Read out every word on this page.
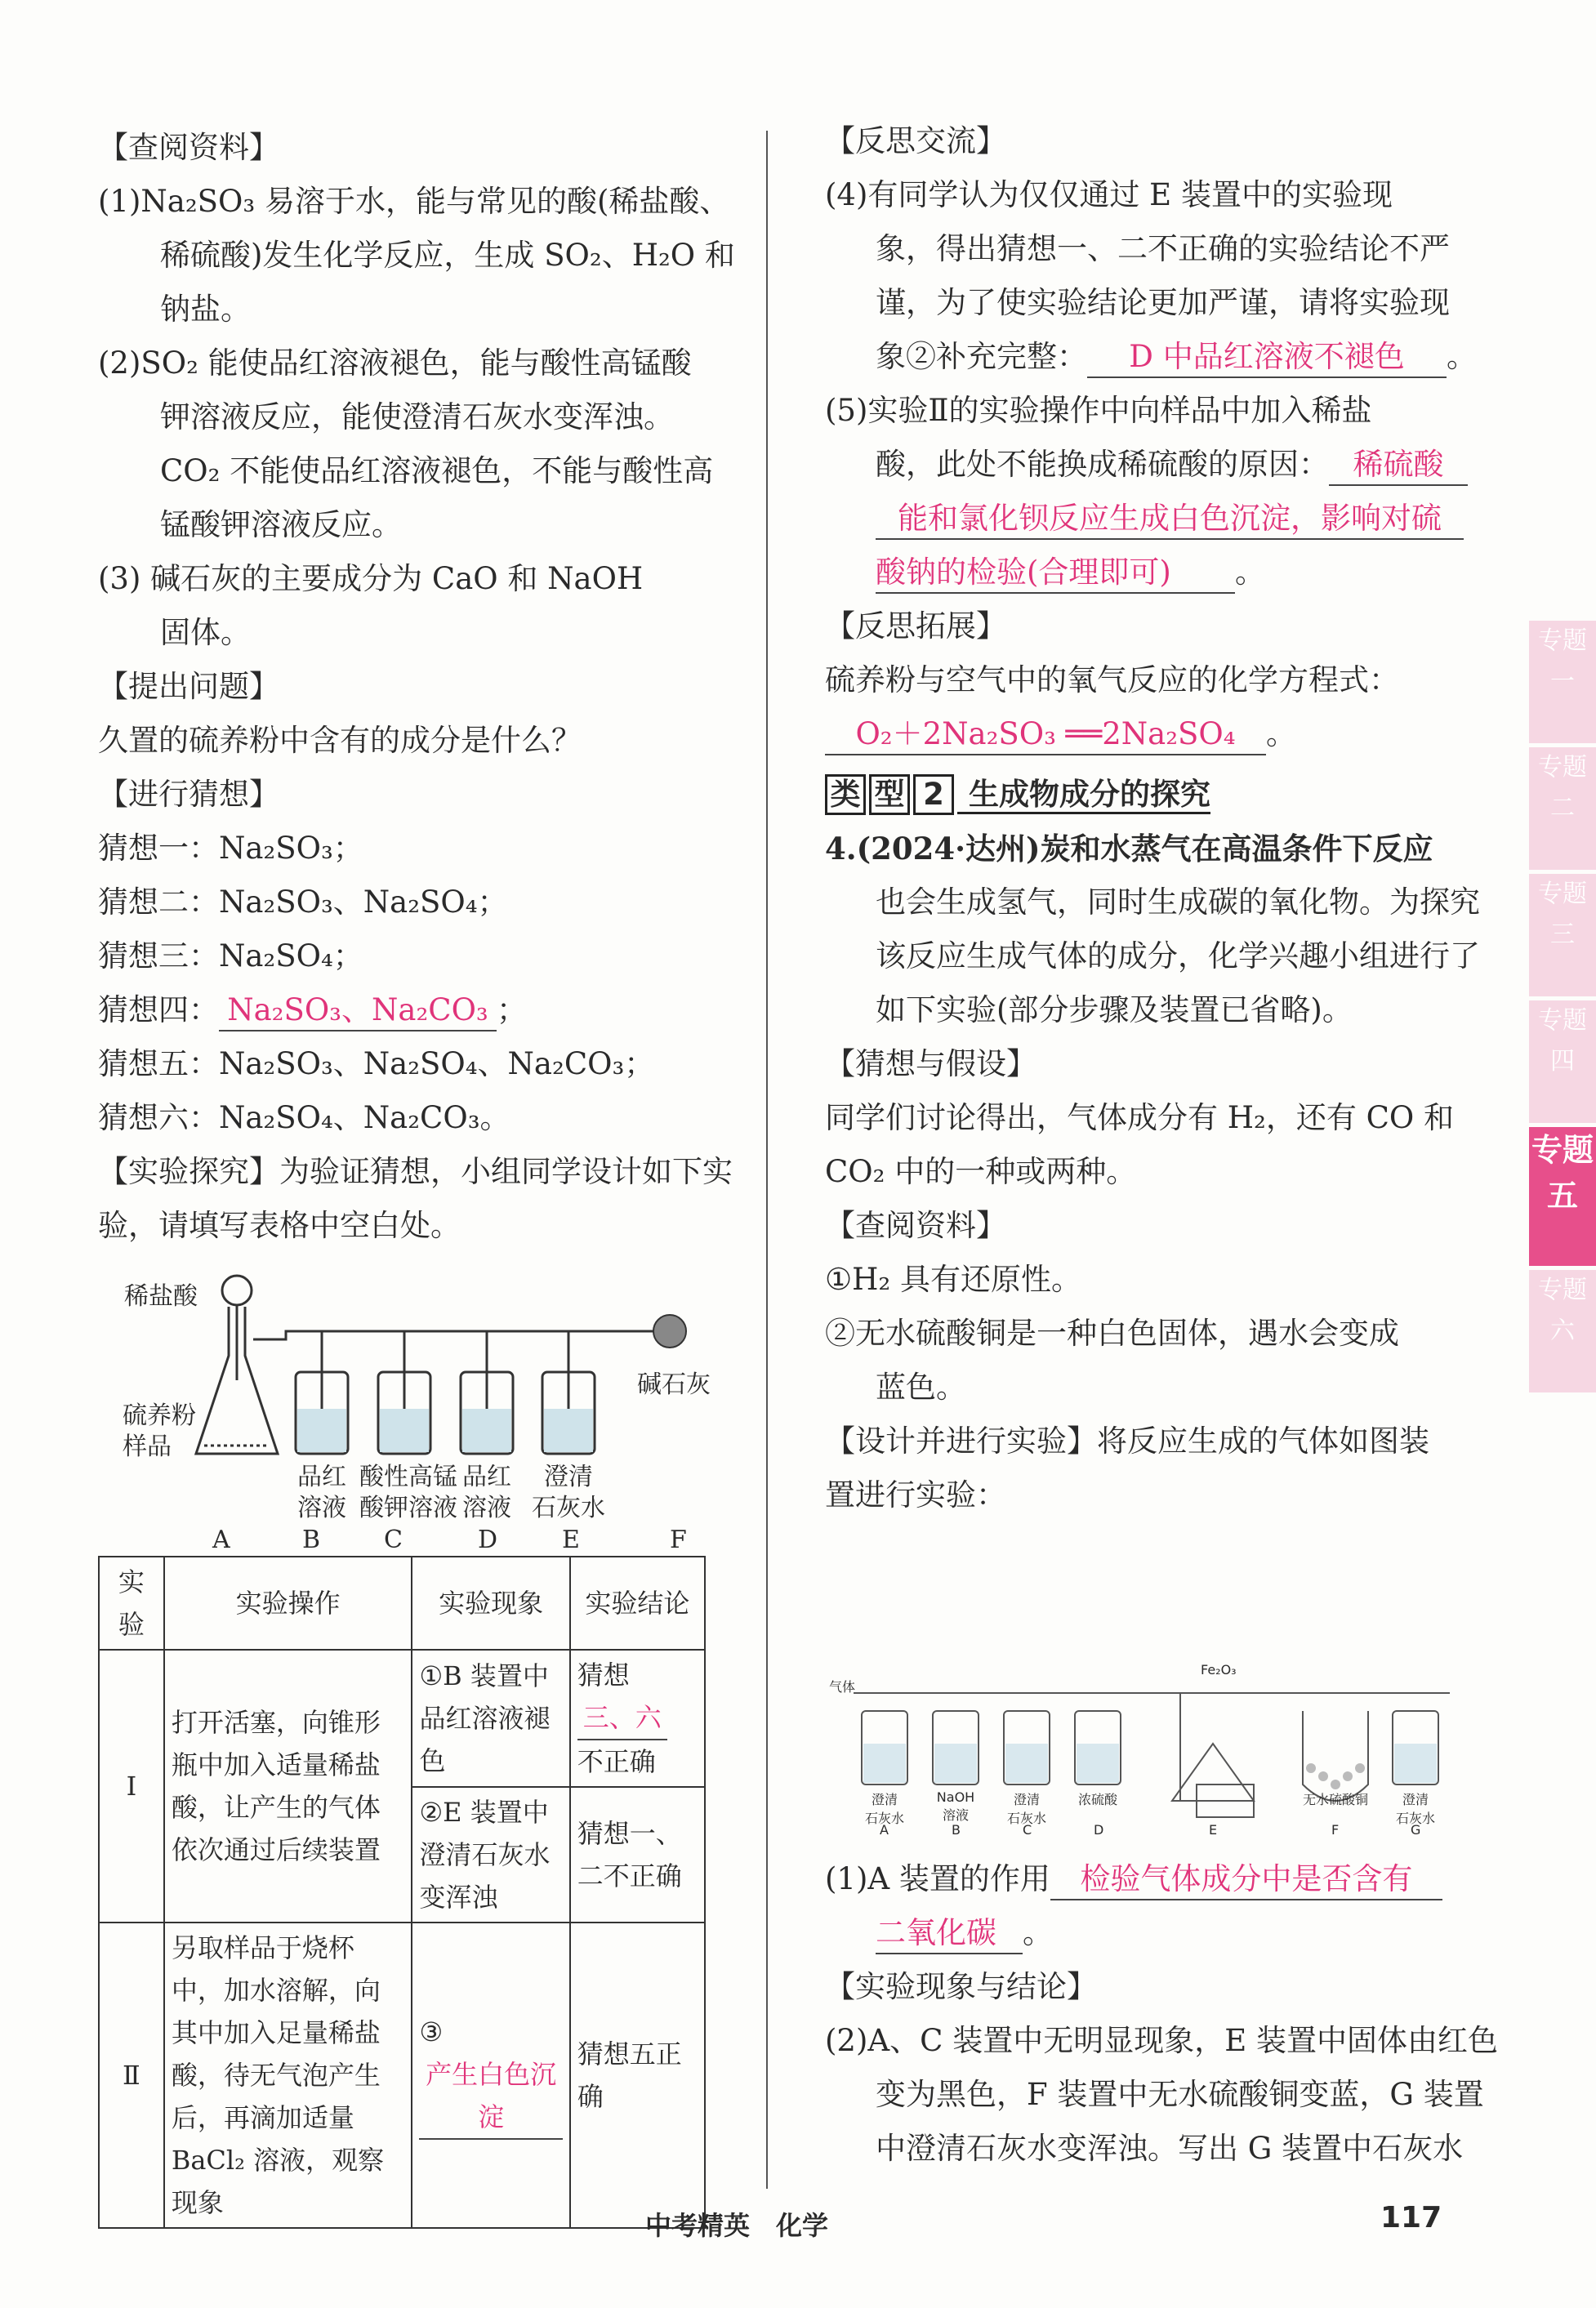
【查阅资料】
(1)Na₂SO₃ 易溶于水，能与常见的酸(稀盐酸、
稀硫酸)发生化学反应，生成 SO₂、H₂O 和
钠盐。
(2)SO₂ 能使品红溶液褪色，能与酸性高锰酸
钾溶液反应，能使澄清石灰水变浑浊。
CO₂ 不能使品红溶液褪色，不能与酸性高
锰酸钾溶液反应。
(3) 碱石灰的主要成分为 CaO 和 NaOH
固体。
【提出问题】
久置的硫养粉中含有的成分是什么？
【进行猜想】
猜想一：Na₂SO₃；
猜想二：Na₂SO₃、Na₂SO₄；
猜想三：Na₂SO₄；
猜想四： Na₂SO₃、Na₂CO₃ ；
猜想五：Na₂SO₃、Na₂SO₄、Na₂CO₃；
猜想六：Na₂SO₄、Na₂CO₃。
【实验探究】为验证猜想，小组同学设计如下实
验，请填写表格中空白处。
稀盐酸
硫养粉
样品
碱石灰
品红
溶液
酸性高锰
酸钾溶液
品红
溶液
澄清
石灰水
A	B	C	D	E	F
实验	实验操作	实验现象	实验结论
Ⅰ	打开活塞，向锥形瓶中加入适量稀盐酸，让产生的气体依次通过后续装置	①B 装置中品红溶液褪色	猜想
三、六
不正确

		②E 装置中澄清石灰水变浑浊	猜想一、二不正确
Ⅱ	另取样品于烧杯中，加水溶解，向其中加入足量稀盐酸，待无气泡产生后，再滴加适量 BaCl₂ 溶液，观察现象	③产生白色沉淀	猜想五正确
【反思交流】
(4)有同学认为仅仅通过 E 装置中的实验现
象，得出猜想一、二不正确的实验结论不严
谨，为了使实验结论更加严谨，请将实验现
象②补充完整： D 中品红溶液不褪色 。
(5)实验Ⅱ的实验操作中向样品中加入稀盐
酸，此处不能换成稀硫酸的原因： 稀硫酸
能和氯化钡反应生成白色沉淀，影响对硫
酸钠的检验(合理即可) 。
【反思拓展】
硫养粉与空气中的氧气反应的化学方程式：
O₂＋2Na₂SO₃ ══2Na₂SO₄ 。
类 型 2 生成物成分的探究
4.(2024·达州)炭和水蒸气在高温条件下反应
也会生成氢气，同时生成碳的氧化物。为探究
该反应生成气体的成分，化学兴趣小组进行了
如下实验(部分步骤及装置已省略)。
【猜想与假设】
同学们讨论得出，气体成分有 H₂，还有 CO 和
CO₂ 中的一种或两种。
【查阅资料】
①H₂ 具有还原性。
②无水硫酸铜是一种白色固体，遇水会变成
蓝色。
【设计并进行实验】将反应生成的气体如图装
置进行实验：
气体
Fe₂O₃
澄清
石灰水
NaOH
溶液
澄清
石灰水
浓硫酸	无水硫酸铜	澄清
石灰水
A	B	C	D	E	F	G
(1)A 装置的作用 检验气体成分中是否含有
二氧化碳 。
【实验现象与结论】
(2)A、C 装置中无明显现象，E 装置中固体由红色
变为黑色，F 装置中无水硫酸铜变蓝，G 装置
中澄清石灰水变浑浊。写出 G 装置中石灰水
专题一
专题二
专题三
专题四
专题五
专题六
中考精英　化学	117
